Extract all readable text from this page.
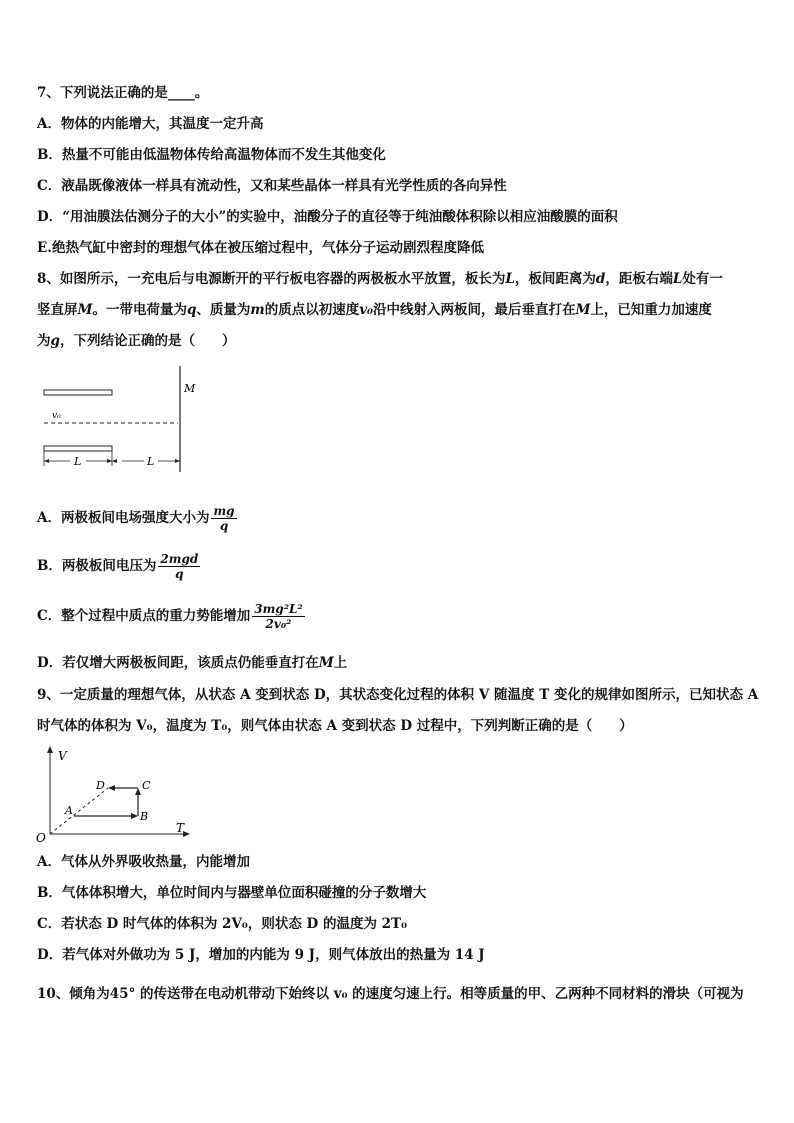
7、下列说法正确的是____。
A．物体的内能增大，其温度一定升高
B．热量不可能由低温物体传给高温物体而不发生其他变化
C．液晶既像液体一样具有流动性，又和某些晶体一样具有光学性质的各向异性
D．“用油膜法估测分子的大小”的实验中，油酸分子的直径等于纯油酸体积除以相应油酸膜的面积
E.绝热气缸中密封的理想气体在被压缩过程中，气体分子运动剧烈程度降低
8、如图所示，一充电后与电源断开的平行板电容器的两极板水平放置，板长为L，板间距离为d，距板右端L处有一
竖直屏M。一带电荷量为q、质量为m的质点以初速度v₀沿中线射入两板间，最后垂直打在M上，已知重力加速度
为g，下列结论正确的是（　　）
M
v₀
L	L
A．两极板间电场强度大小为 $\frac{mg}{q}$
B．两极板间电压为 $\frac{\text{2mgd}}{q}$
C．整个过程中质点的重力势能增加 $\frac{\text{3mg²L²}}{\text{2v₀²}}$
D．若仅增大两极板间距，该质点仍能垂直打在M上
9、一定质量的理想气体，从状态 A 变到状态 D，其状态变化过程的体积 V 随温度 T 变化的规律如图所示，已知状态 A
时气体的体积为 V₀，温度为 T₀，则气体由状态 A 变到状态 D 过程中，下列判断正确的是（　　）
V
T
O
A	B
C
D
A．气体从外界吸收热量，内能增加
B．气体体积增大，单位时间内与器壁单位面积碰撞的分子数增大
C．若状态 D 时气体的体积为 2V₀，则状态 D 的温度为 2T₀
D．若气体对外做功为 5 J，增加的内能为 9 J，则气体放出的热量为 14 J
10、倾角为45° 的传送带在电动机带动下始终以 v₀ 的速度匀速上行。相等质量的甲、乙两种不同材料的滑块（可视为
